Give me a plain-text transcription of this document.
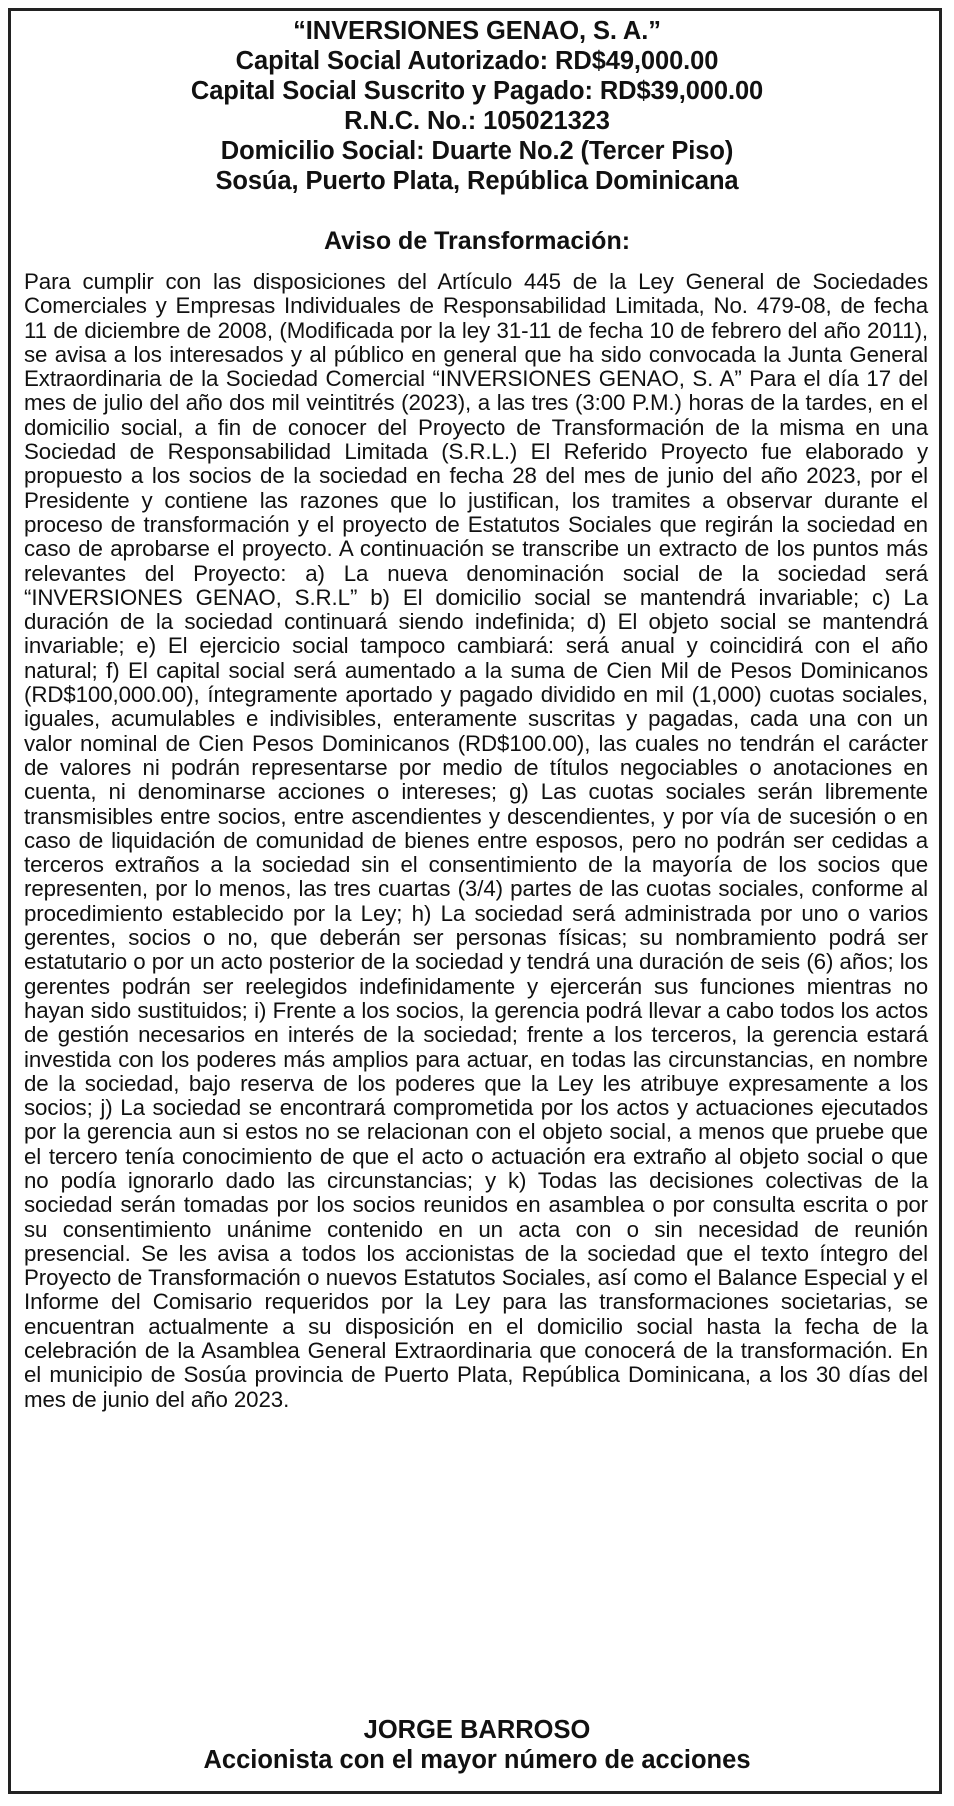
“INVERSIONES GENAO, S. A.”
Capital Social Autorizado: RD$49,000.00
Capital Social Suscrito y Pagado: RD$39,000.00
R.N.C. No.: 105021323
Domicilio Social: Duarte No.2 (Tercer Piso)
Sosúa, Puerto Plata, República Dominicana
Aviso de Transformación:
Para cumplir con las disposiciones del Artículo 445 de la Ley General de Sociedades Comerciales y Empresas Individuales de Responsabilidad Limitada, No. 479-08, de fecha 11 de diciembre de 2008, (Modificada por la ley 31-11 de fecha 10 de febrero del año 2011), se avisa a los interesados y al público en general que ha sido convocada la Junta General Extraordinaria de la Sociedad Comercial “INVERSIONES GENAO, S. A” Para el día 17 del mes de julio del año dos mil veintitrés (2023), a las tres (3:00 P.M.) horas de la tardes, en el domicilio social, a fin de conocer del Proyecto de Transformación de la misma en una Sociedad de Responsabilidad Limitada (S.R.L.) El Referido Proyecto fue elaborado y propuesto a los socios de la sociedad en fecha 28 del mes de junio del año 2023, por el Presidente y contiene las razones que lo justifican, los tramites a observar durante el proceso de transformación y el proyecto de Estatutos Sociales que regirán la sociedad en caso de aprobarse el proyecto. A continuación se transcribe un extracto de los puntos más relevantes del Proyecto: a) La nueva denominación social de la sociedad será “INVERSIONES GENAO, S.R.L” b) El domicilio social se mantendrá invariable; c) La duración de la sociedad continuará siendo indefinida; d) El objeto social se mantendrá invariable; e) El ejercicio social tampoco cambiará: será anual y coincidirá con el año natural; f) El capital social será aumentado a la suma de Cien Mil de Pesos Dominicanos (RD$100,000.00), íntegramente aportado y pagado dividido en mil (1,000) cuotas sociales, iguales, acumulables e indivisibles, enteramente suscritas y pagadas, cada una con un valor nominal de Cien Pesos Dominicanos (RD$100.00), las cuales no tendrán el carácter de valores ni podrán representarse por medio de títulos negociables o anotaciones en cuenta, ni denominarse acciones o intereses; g) Las cuotas sociales serán libremente transmisibles entre socios, entre ascendientes y descendientes, y por vía de sucesión o en caso de liquidación de comunidad de bienes entre esposos, pero no podrán ser cedidas a terceros extraños a la sociedad sin el consentimiento de la mayoría de los socios que representen, por lo menos, las tres cuartas (3/4) partes de las cuotas sociales, conforme al procedimiento establecido por la Ley; h) La sociedad será administrada por uno o varios gerentes, socios o no, que deberán ser personas físicas; su nombramiento podrá ser estatutario o por un acto posterior de la sociedad y tendrá una duración de seis (6) años; los gerentes podrán ser reelegidos indefinidamente y ejercerán sus funciones mientras no hayan sido sustituidos; i) Frente a los socios, la gerencia podrá llevar a cabo todos los actos de gestión necesarios en interés de la sociedad; frente a los terceros, la gerencia estará investida con los poderes más amplios para actuar, en todas las circunstancias, en nombre de la sociedad, bajo reserva de los poderes que la Ley les atribuye expresamente a los socios; j) La sociedad se encontrará comprometida por los actos y actuaciones ejecutados por la gerencia aun si estos no se relacionan con el objeto social, a menos que pruebe que el tercero tenía conocimiento de que el acto o actuación era extraño al objeto social o que no podía ignorarlo dado las circunstancias; y k) Todas las decisiones colectivas de la sociedad serán tomadas por los socios reunidos en asamblea o por consulta escrita o por su consentimiento unánime contenido en un acta con o sin necesidad de reunión presencial. Se les avisa a todos los accionistas de la sociedad que el texto íntegro del Proyecto de Transformación o nuevos Estatutos Sociales, así como el Balance Especial y el Informe del Comisario requeridos por la Ley para las transformaciones societarias, se encuentran actualmente a su disposición en el domicilio social hasta la fecha de la celebración de la Asamblea General Extraordinaria que conocerá de la transformación. En el municipio de Sosúa provincia de Puerto Plata, República Dominicana, a los 30 días del mes de junio del año 2023.
JORGE BARROSO
Accionista con el mayor número de acciones
